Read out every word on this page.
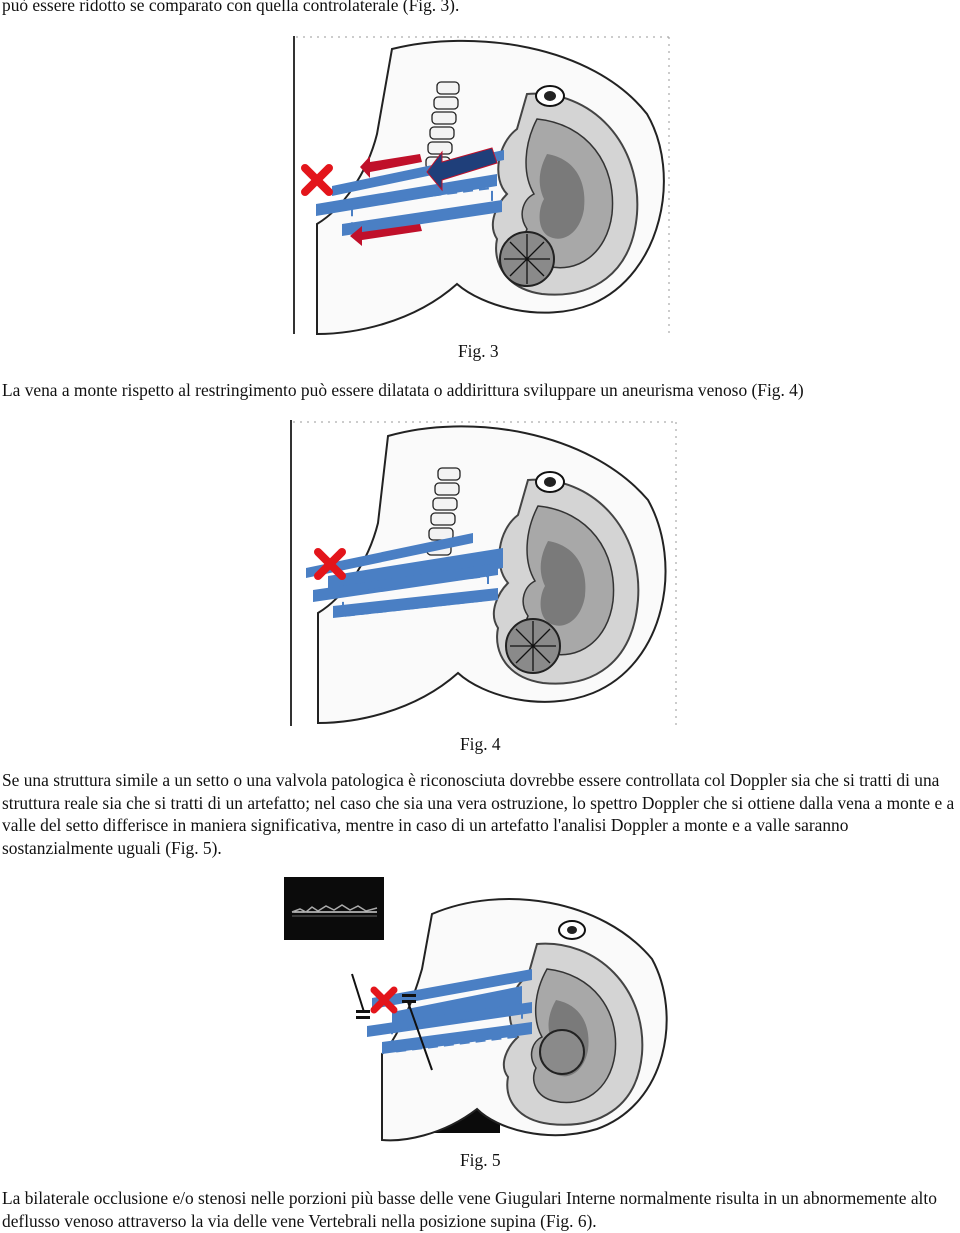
può essere ridotto se comparato con quella controlaterale (Fig. 3).

Fig. 3

La vena a monte rispetto al restringimento può essere dilatata o addirittura sviluppare un aneurisma venoso (Fig. 4)

Fig. 4

Se una struttura simile a un setto o una valvola patologica è riconosciuta dovrebbe essere controllata col Doppler sia che si tratti di una struttura reale sia che si tratti di un artefatto; nel caso che sia una vera ostruzione, lo spettro Doppler che si ottiene dalla vena a monte e a valle del setto differisce in maniera significativa, mentre in caso di un artefatto l'analisi Doppler a monte e a valle saranno sostanzialmente uguali (Fig. 5).

Fig. 5

La bilaterale occlusione e/o stenosi nelle porzioni più basse delle vene Giugulari Interne normalmente risulta in un abnormemente alto deflusso venoso attraverso la via delle vene Vertebrali nella posizione supina (Fig. 6).
